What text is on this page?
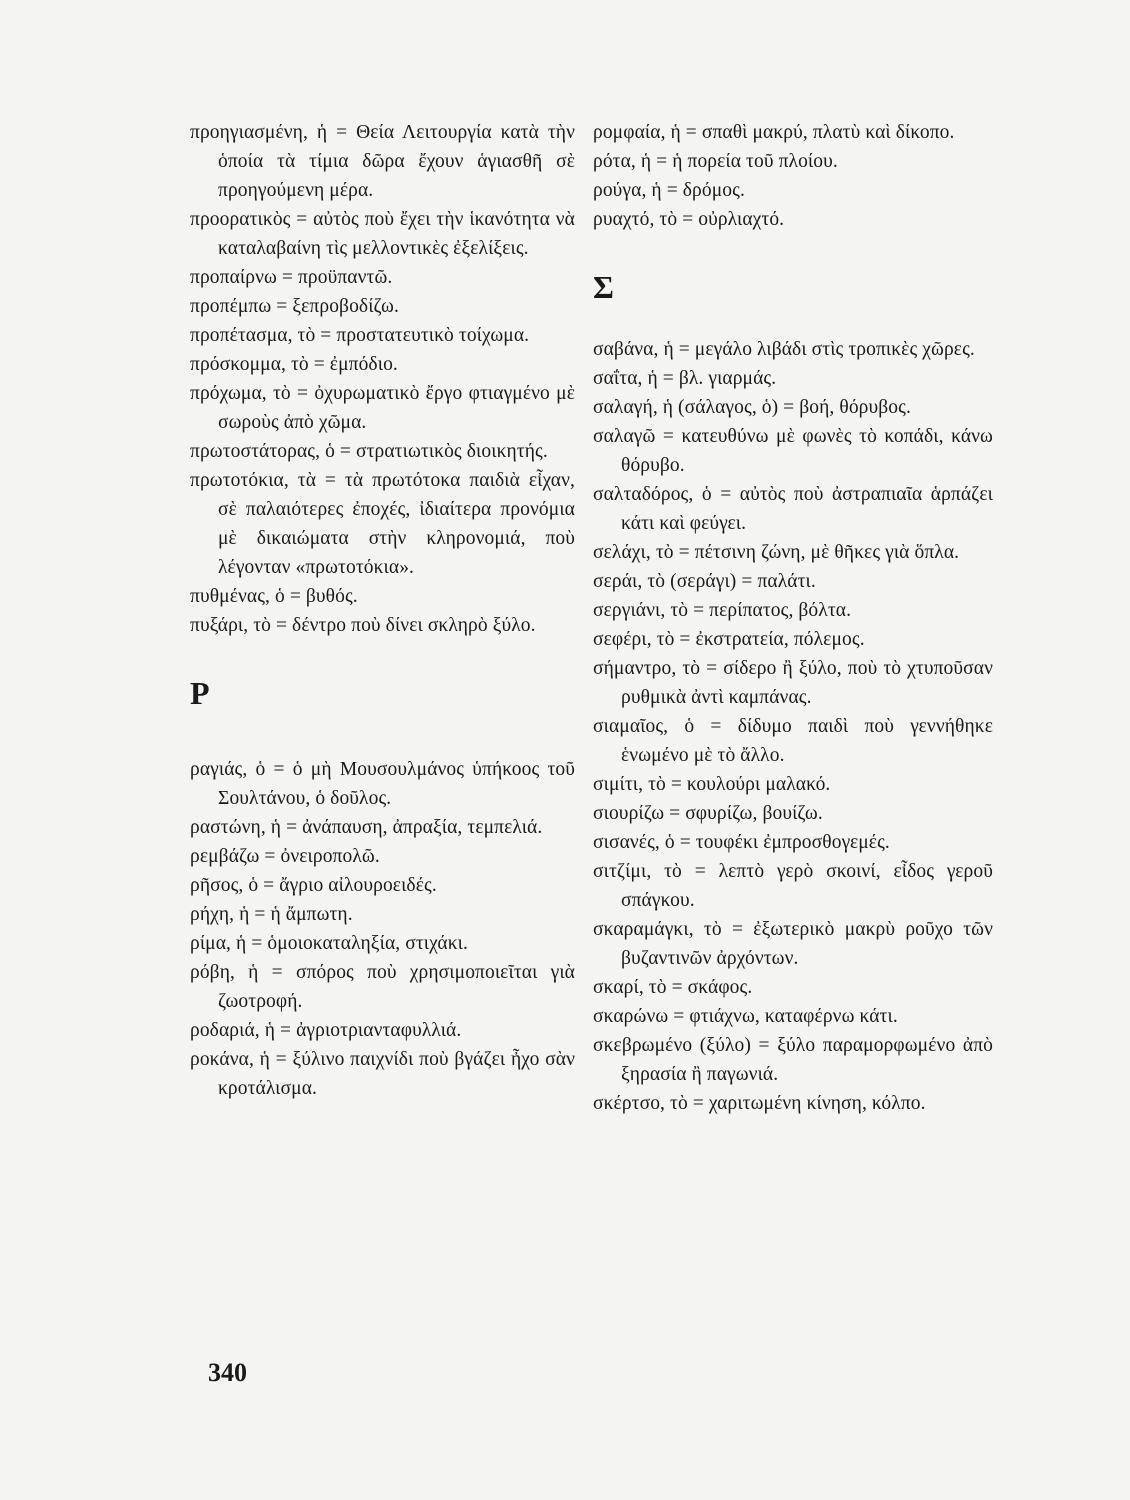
προηγιασμένη, ἡ = Θεία Λειτουργία κατὰ τὴν ὁποία τὰ τίμια δῶρα ἔχουν ἁγιασθῆ σὲ προηγούμενη μέρα.

προορατικὸς = αὐτὸς ποὺ ἔχει τὴν ἱκανότητα νὰ καταλαβαίνη τὶς μελλοντικὲς ἐξελίξεις.

προπαίρνω = προϋπαντῶ.

προπέμπω = ξεπροβοδίζω.

προπέτασμα, τὸ = προστατευτικὸ τοίχωμα.

πρόσκομμα, τὸ = ἐμπόδιο.

πρόχωμα, τὸ = ὀχυρωματικὸ ἔργο φτιαγμένο μὲ σωροὺς ἀπὸ χῶμα.

πρωτοστάτορας, ὁ = στρατιωτικὸς διοικητής.

πρωτοτόκια, τὰ = τὰ πρωτότοκα παιδιὰ εἶχαν, σὲ παλαιότερες ἐποχές, ἰδιαίτερα προνόμια μὲ δικαιώματα στὴν κληρονομιά, ποὺ λέγονταν «πρωτοτόκια».

πυθμένας, ὁ = βυθός.

πυξάρι, τὸ = δέντρο ποὺ δίνει σκληρὸ ξύλο.

Ρ

ραγιάς, ὁ = ὁ μὴ Μουσουλμάνος ὑπήκοος τοῦ Σουλτάνου, ὁ δοῦλος.

ραστώνη, ἡ = ἀνάπαυση, ἀπραξία, τεμπελιά.

ρεμβάζω = ὀνειροπολῶ.

ρῆσος, ὁ = ἄγριο αἰλουροειδές.

ρήχη, ἡ = ἡ ἄμπωτη.

ρίμα, ἡ = ὁμοιοκαταληξία, στιχάκι.

ρόβη, ἡ = σπόρος ποὺ χρησιμοποιεῖται γιὰ ζωοτροφή.

ροδαριά, ἡ = ἀγριοτριανταφυλλιά.

ροκάνα, ἡ = ξύλινο παιχνίδι ποὺ βγάζει ἦχο σὰν κροτάλισμα.

ρομφαία, ἡ = σπαθὶ μακρύ, πλατὺ καὶ δίκοπο.

ρότα, ἡ = ἡ πορεία τοῦ πλοίου.

ρούγα, ἡ = δρόμος.

ρυαχτό, τὸ = οὐρλιαχτό.

Σ

σαβάνα, ἡ = μεγάλο λιβάδι στὶς τροπικὲς χῶρες.

σαΐτα, ἡ = βλ. γιαρμάς.

σαλαγή, ἡ (σάλαγος, ὁ) = βοή, θόρυβος.

σαλαγῶ = κατευθύνω μὲ φωνὲς τὸ κοπάδι, κάνω θόρυβο.

σαλταδόρος, ὁ = αὐτὸς ποὺ ἀστραπιαῖα ἁρπάζει κάτι καὶ φεύγει.

σελάχι, τὸ = πέτσινη ζώνη, μὲ θῆκες γιὰ ὅπλα.

σεράι, τὸ (σεράγι) = παλάτι.

σεργιάνι, τὸ = περίπατος, βόλτα.

σεφέρι, τὸ = ἐκστρατεία, πόλεμος.

σήμαντρο, τὸ = σίδερο ἢ ξύλο, ποὺ τὸ χτυποῦσαν ρυθμικὰ ἀντὶ καμπάνας.

σιαμαῖος, ὁ = δίδυμο παιδὶ ποὺ γεννήθηκε ἑνωμένο μὲ τὸ ἄλλο.

σιμίτι, τὸ = κουλούρι μαλακό.

σιουρίζω = σφυρίζω, βουίζω.

σισανές, ὁ = τουφέκι ἐμπροσθογεμές.

σιτζίμι, τὸ = λεπτὸ γερὸ σκοινί, εἶδος γεροῦ σπάγκου.

σκαραμάγκι, τὸ = ἐξωτερικὸ μακρὺ ροῦχο τῶν βυζαντινῶν ἀρχόντων.

σκαρί, τὸ = σκάφος.

σκαρώνω = φτιάχνω, καταφέρνω κάτι.

σκεβρωμένο (ξύλο) = ξύλο παραμορφωμένο ἀπὸ ξηρασία ἢ παγωνιά.

σκέρτσο, τὸ = χαριτωμένη κίνηση, κόλπο.

340
